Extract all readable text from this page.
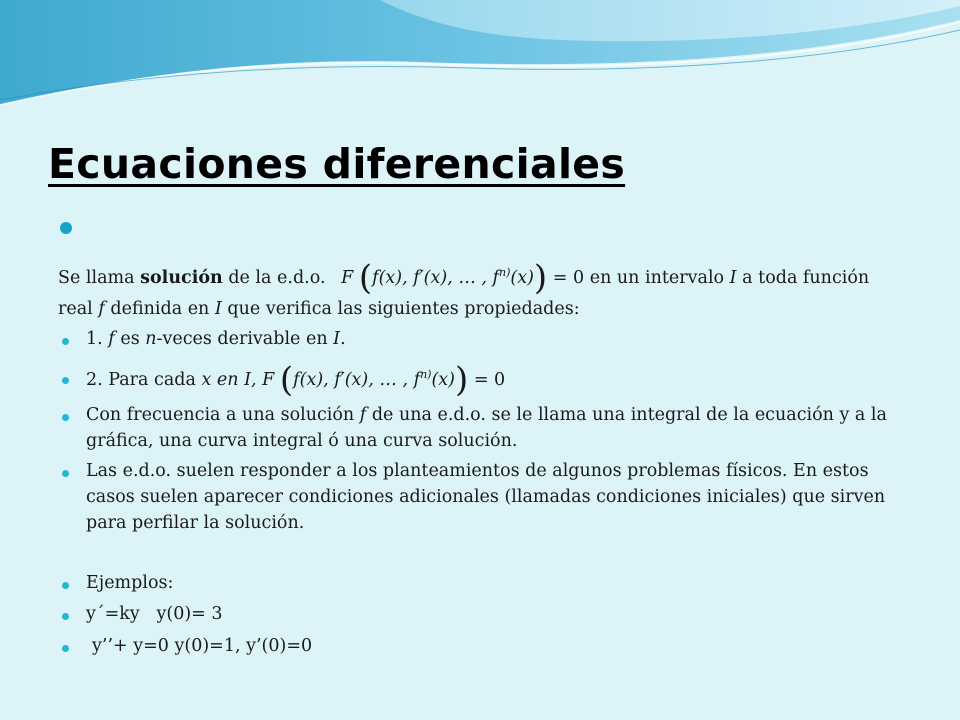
Ecuaciones diferenciales
Se llama solución de la e.d.o. F (f(x), f′(x), … , $f^{n)}(x)) = 0$ en un intervalo I a toda función
real f definida en I que verifica las siguientes propiedades:
1. f es n-veces derivable en I.
2. Para cada x en I, F (f(x), f′(x), … , $f^{n)}(x)) = 0$
Con frecuencia a una solución f de una e.d.o. se le llama una integral de la ecuación y a la
gráfica, una curva integral ó una curva solución.
Las e.d.o. suelen responder a los planteamientos de algunos problemas físicos. En estos
casos suelen aparecer condiciones adicionales (llamadas condiciones iniciales) que sirven
para perfilar la solución.
Ejemplos:
y´=ky   y(0)= 3
y’’+ y=0 y(0)=1, y’(0)=0
